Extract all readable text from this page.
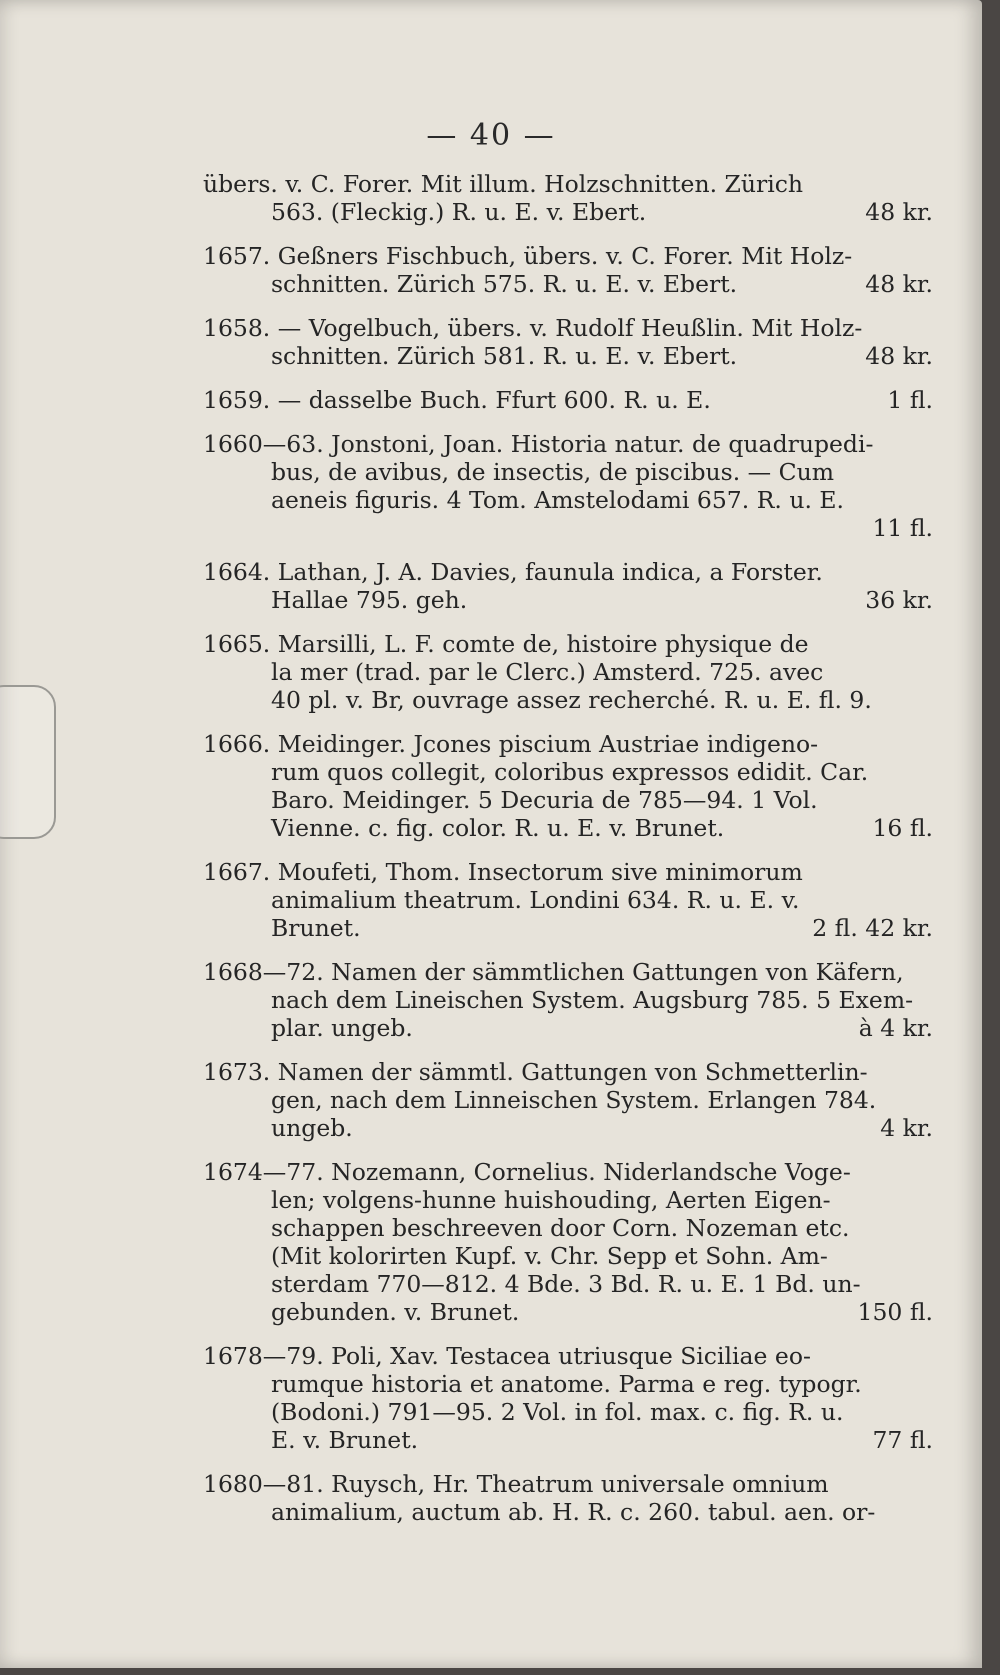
— 40 —
übers. v. C. Forer. Mit illum. Holzschnitten. Zürich
563. (Fleckig.) R. u. E. v. Ebert.	48 kr.
1657. Geßners Fischbuch, übers. v. C. Forer. Mit Holz-
schnitten. Zürich 575. R. u. E. v. Ebert.	48 kr.
1658. — Vogelbuch, übers. v. Rudolf Heußlin. Mit Holz-
schnitten. Zürich 581. R. u. E. v. Ebert.	48 kr.
1659. — dasselbe Buch. Ffurt 600. R. u. E.	1 fl.
1660—63. Jonstoni, Joan. Historia natur. de quadrupedi-
bus, de avibus, de insectis, de piscibus. — Cum
aeneis figuris. 4 Tom. Amstelodami 657. R. u. E.
11 fl.
1664. Lathan, J. A. Davies, faunula indica, a Forster.
Hallae 795. geh.	36 kr.
1665. Marsilli, L. F. comte de, histoire physique de
la mer (trad. par le Clerc.) Amsterd. 725. avec
40 pl. v. Br, ouvrage assez recherché. R. u. E. fl. 9.
1666. Meidinger. Jcones piscium Austriae indigeno-
rum quos collegit, coloribus expressos edidit. Car.
Baro. Meidinger. 5 Decuria de 785—94. 1 Vol.
Vienne. c. fig. color. R. u. E. v. Brunet.	16 fl.
1667. Moufeti, Thom. Insectorum sive minimorum
animalium theatrum. Londini 634. R. u. E. v.
Brunet.	2 fl. 42 kr.
1668—72. Namen der sämmtlichen Gattungen von Käfern,
nach dem Lineischen System. Augsburg 785. 5 Exem-
plar. ungeb.	à 4 kr.
1673. Namen der sämmtl. Gattungen von Schmetterlin-
gen, nach dem Linneischen System. Erlangen 784.
ungeb.	4 kr.
1674—77. Nozemann, Cornelius. Niderlandsche Voge-
len; volgens-hunne huishouding, Aerten Eigen-
schappen beschreeven door Corn. Nozeman etc.
(Mit kolorirten Kupf. v. Chr. Sepp et Sohn. Am-
sterdam 770—812. 4 Bde. 3 Bd. R. u. E. 1 Bd. un-
gebunden. v. Brunet.	150 fl.
1678—79. Poli, Xav. Testacea utriusque Siciliae eo-
rumque historia et anatome. Parma e reg. typogr.
(Bodoni.) 791—95. 2 Vol. in fol. max. c. fig. R. u.
E. v. Brunet.	77 fl.
1680—81. Ruysch, Hr. Theatrum universale omnium
animalium, auctum ab. H. R. c. 260. tabul. aen. or-
